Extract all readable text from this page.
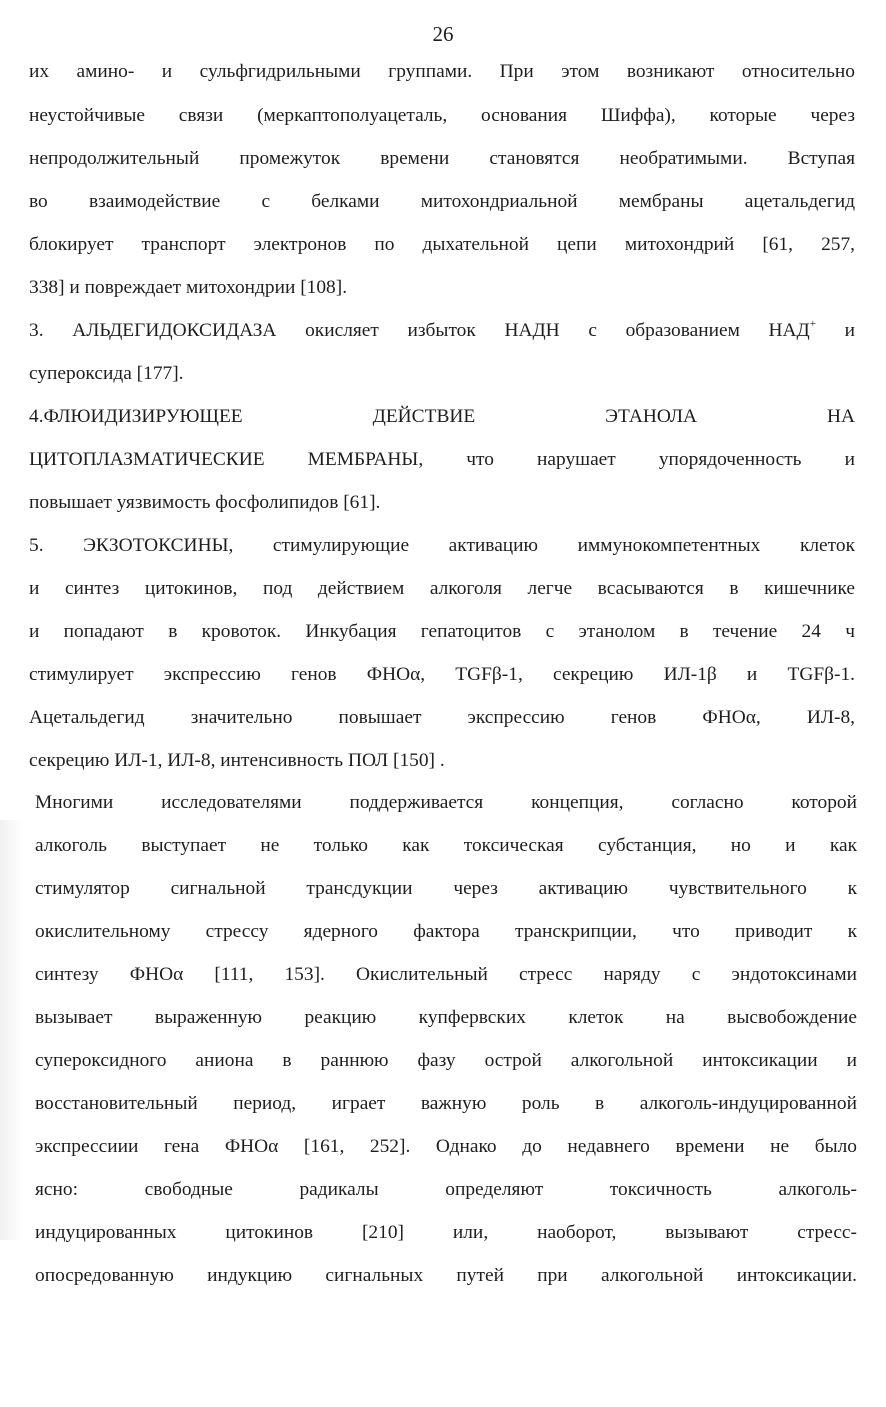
26
их амино- и сульфгидрильными группами. При этом возникают относительно
неустойчивые связи (меркаптополуацеталь, основания Шиффа), которые через
непродолжительный промежуток времени становятся необратимыми. Вступая
во взаимодействие с белками митохондриальной мембраны ацетальдегид
блокирует транспорт электронов по дыхательной цепи митохондрий [61, 257,
338] и повреждает митохондрии [108].
3. АЛЬДЕГИДОКСИДАЗА окисляет избыток НАДН с образованием НАД+ и
супероксида [177].
4.ФЛЮИДИЗИРУЮЩЕЕ ДЕЙСТВИЕ ЭТАНОЛА НА
ЦИТОПЛАЗМАТИЧЕСКИЕ МЕМБРАНЫ, что нарушает упорядоченность и
повышает уязвимость фосфолипидов [61].
5. ЭКЗОТОКСИНЫ, стимулирующие активацию иммунокомпетентных клеток
и синтез цитокинов, под действием алкоголя легче всасываются в кишечнике
и попадают в кровоток. Инкубация гепатоцитов с этанолом в течение 24 ч
стимулирует экспрессию генов ФНОα, TGFβ-1, секрецию ИЛ-1β и TGFβ-1.
Ацетальдегид значительно повышает экспрессию генов ФНОα, ИЛ-8,
секрецию ИЛ-1, ИЛ-8, интенсивность ПОЛ [150] .
Многими исследователями поддерживается концепция, согласно которой
алкоголь выступает не только как токсическая субстанция, но и как
стимулятор сигнальной трансдукции через активацию чувствительного к
окислительному стрессу ядерного фактора транскрипции, что приводит к
синтезу ФНОα [111, 153]. Окислительный стресс наряду с эндотоксинами
вызывает выраженную реакцию купфервских клеток на высвобождение
супероксидного аниона в раннюю фазу острой алкогольной интоксикации и
восстановительный период, играет важную роль в алкоголь-индуцированной
экспрессиии гена ФНОα [161, 252]. Однако до недавнего времени не было
ясно: свободные радикалы определяют токсичность алкоголь-
индуцированных цитокинов [210] или, наоборот, вызывают стресс-
опосредованную индукцию сигнальных путей при алкогольной интоксикации.
